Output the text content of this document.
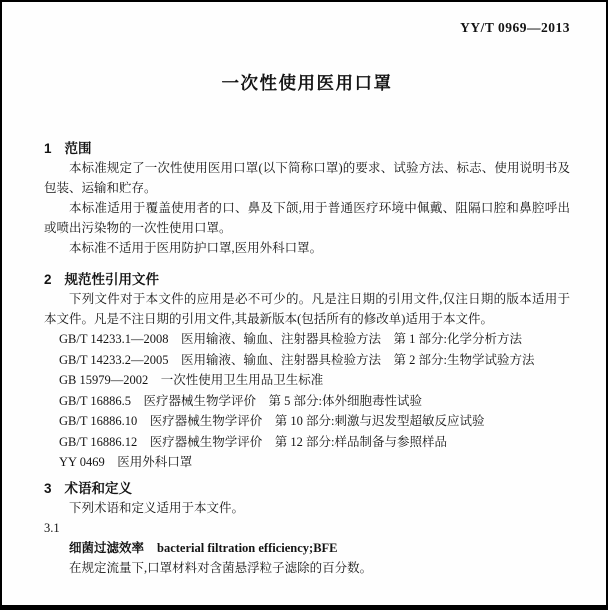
YY/T 0969—2013
一次性使用医用口罩
1 范围

本标准规定了一次性使用医用口罩(以下简称口罩)的要求、试验方法、标志、使用说明书及包装、运输和贮存。

本标准适用于覆盖使用者的口、鼻及下颌,用于普通医疗环境中佩戴、阻隔口腔和鼻腔呼出或喷出污染物的一次性使用口罩。

本标准不适用于医用防护口罩,医用外科口罩。

2 规范性引用文件

下列文件对于本文件的应用是必不可少的。凡是注日期的引用文件,仅注日期的版本适用于本文件。凡是不注日期的引用文件,其最新版本(包括所有的修改单)适用于本文件。

GB/T 14233.1—2008　医用输液、输血、注射器具检验方法　第 1 部分:化学分析方法
GB/T 14233.2—2005　医用输液、输血、注射器具检验方法　第 2 部分:生物学试验方法
GB 15979—2002　一次性使用卫生用品卫生标准
GB/T 16886.5　医疗器械生物学评价　第 5 部分:体外细胞毒性试验
GB/T 16886.10　医疗器械生物学评价　第 10 部分:刺激与迟发型超敏反应试验
GB/T 16886.12　医疗器械生物学评价　第 12 部分:样品制备与参照样品
YY 0469　医用外科口罩
3 术语和定义

下列术语和定义适用于本文件。

3.1

细菌过滤效率 bacterial filtration efficiency;BFE

在规定流量下,口罩材料对含菌悬浮粒子滤除的百分数。
